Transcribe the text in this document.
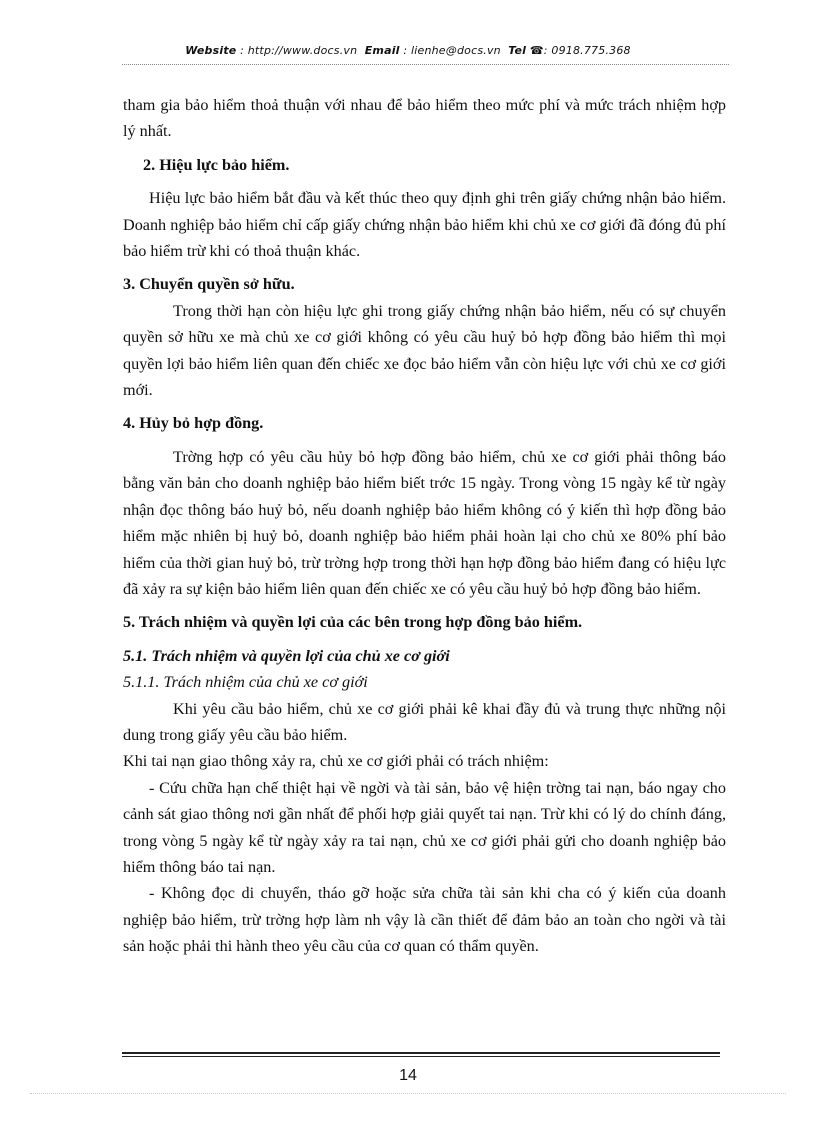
Website : http://www.docs.vn Email : lienhe@docs.vn Tel ☎: 0918.775.368

tham gia bảo hiểm thoả thuận với nhau để bảo hiểm theo mức phí và mức trách nhiệm hợp lý nhất.

2. Hiệu lực bảo hiểm.

Hiệu lực bảo hiểm bắt đầu và kết thúc theo quy định ghi trên giấy chứng nhận bảo hiểm. Doanh nghiệp bảo hiểm chỉ cấp giấy chứng nhận bảo hiểm khi chủ xe cơ giới đã đóng đủ phí bảo hiểm trừ khi có thoả thuận khác.

3. Chuyển quyền sở hữu.

Trong thời hạn còn hiệu lực ghi trong giấy chứng nhận bảo hiểm, nếu có sự chuyển quyền sở hữu xe mà chủ xe cơ giới không có yêu cầu huỷ bỏ hợp đồng bảo hiểm thì mọi quyền lợi bảo hiểm liên quan đến chiếc xe đọc bảo hiểm vẫn còn hiệu lực với chủ xe cơ giới mới.

4. Hủy bỏ hợp đồng.

Trờng hợp có yêu cầu hủy bỏ hợp đồng bảo hiểm, chủ xe cơ giới phải thông báo bằng văn bản cho doanh nghiệp bảo hiểm biết trớc 15 ngày. Trong vòng 15 ngày kể từ ngày nhận đọc thông báo huỷ bỏ, nếu doanh nghiệp bảo hiểm không có ý kiến thì hợp đồng bảo hiểm mặc nhiên bị huỷ bỏ, doanh nghiệp bảo hiểm phải hoàn lại cho chủ xe 80% phí bảo hiểm của thời gian huỷ bỏ, trừ trờng hợp trong thời hạn hợp đồng bảo hiểm đang có hiệu lực đã xảy ra sự kiện bảo hiểm liên quan đến chiếc xe có yêu cầu huỷ bỏ hợp đồng bảo hiểm.

5. Trách nhiệm và quyền lợi của các bên trong hợp đồng bảo hiểm.

5.1. Trách nhiệm và quyền lợi của chủ xe cơ giới

5.1.1. Trách nhiệm của chủ xe cơ giới

Khi yêu cầu bảo hiểm, chủ xe cơ giới phải kê khai đầy đủ và trung thực những nội dung trong giấy yêu cầu bảo hiểm.

Khi tai nạn giao thông xảy ra, chủ xe cơ giới phải có trách nhiệm:

- Cứu chữa hạn chế thiệt hại về ngời và tài sản, bảo vệ hiện trờng tai nạn, báo ngay cho cảnh sát giao thông nơi gần nhất để phối hợp giải quyết tai nạn. Trừ khi có lý do chính đáng, trong vòng 5 ngày kể từ ngày xảy ra tai nạn, chủ xe cơ giới phải gửi cho doanh nghiệp bảo hiểm thông báo tai nạn.

- Không đọc di chuyển, tháo gỡ hoặc sửa chữa tài sản khi cha có ý kiến của doanh nghiệp bảo hiểm, trừ trờng hợp làm nh vậy là cần thiết để đảm bảo an toàn cho ngời và tài sản hoặc phải thi hành theo yêu cầu của cơ quan có thẩm quyền.

14
